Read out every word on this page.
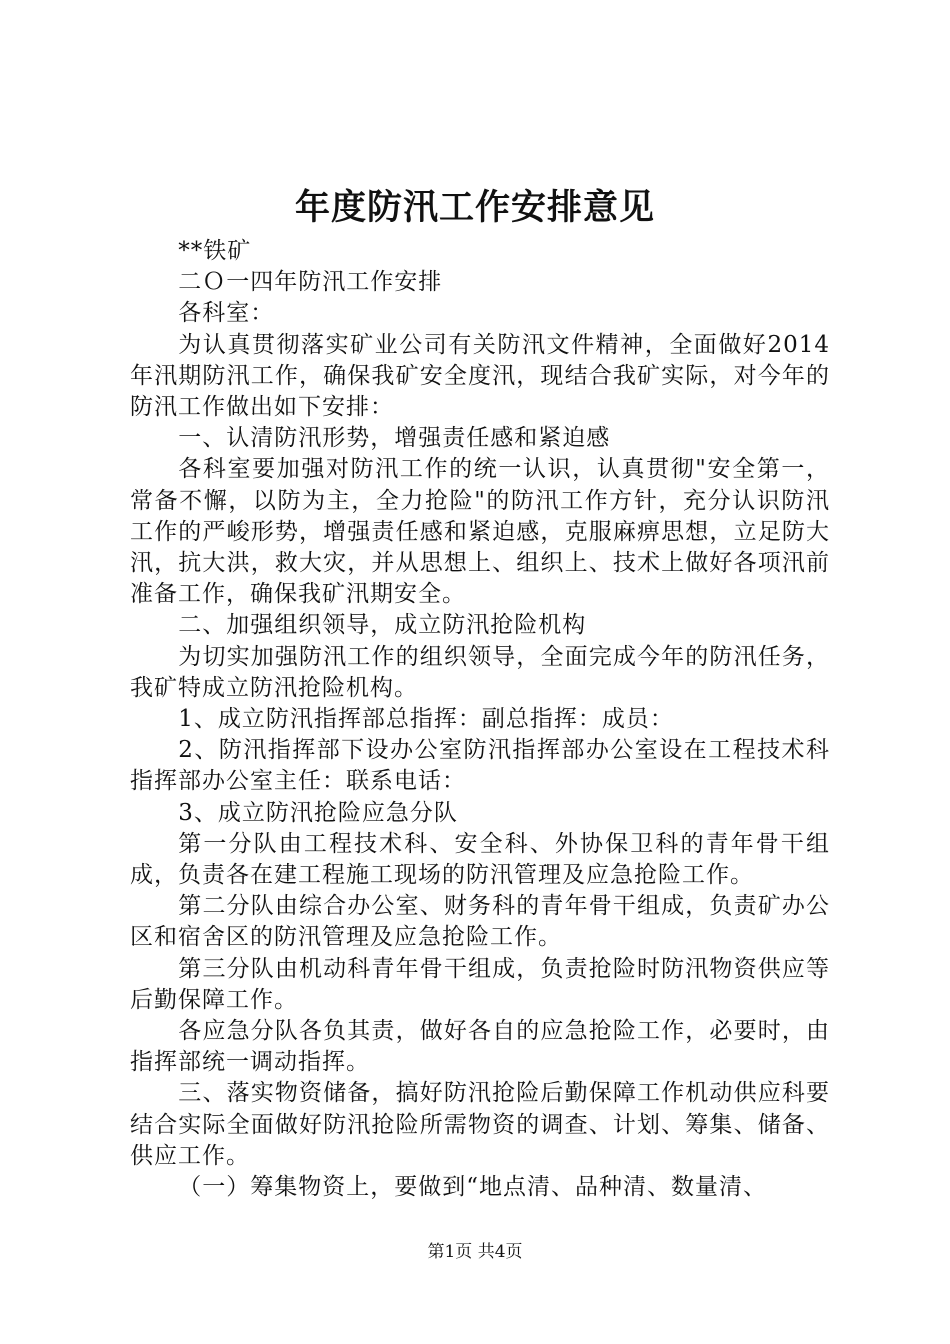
年度防汛工作安排意见

**铁矿

二Ｏ一四年防汛工作安排

各科室：

为认真贯彻落实矿业公司有关防汛文件精神，全面做好2014年汛期防汛工作，确保我矿安全度汛，现结合我矿实际，对今年的防汛工作做出如下安排：

一、认清防汛形势，增强责任感和紧迫感

各科室要加强对防汛工作的统一认识，认真贯彻"安全第一，常备不懈，以防为主，全力抢险"的防汛工作方针，充分认识防汛工作的严峻形势，增强责任感和紧迫感，克服麻痹思想，立足防大汛，抗大洪，救大灾，并从思想上、组织上、技术上做好各项汛前准备工作，确保我矿汛期安全。

二、加强组织领导，成立防汛抢险机构

为切实加强防汛工作的组织领导，全面完成今年的防汛任务，我矿特成立防汛抢险机构。

1、成立防汛指挥部总指挥：副总指挥：成员：

2、防汛指挥部下设办公室防汛指挥部办公室设在工程技术科指挥部办公室主任：联系电话：

3、成立防汛抢险应急分队

第一分队由工程技术科、安全科、外协保卫科的青年骨干组成，负责各在建工程施工现场的防汛管理及应急抢险工作。

第二分队由综合办公室、财务科的青年骨干组成，负责矿办公区和宿舍区的防汛管理及应急抢险工作。

第三分队由机动科青年骨干组成，负责抢险时防汛物资供应等后勤保障工作。

各应急分队各负其责，做好各自的应急抢险工作，必要时，由指挥部统一调动指挥。

三、落实物资储备，搞好防汛抢险后勤保障工作机动供应科要结合实际全面做好防汛抢险所需物资的调查、计划、筹集、储备、供应工作。

（一）筹集物资上，要做到“地点清、品种清、数量清、

第1页 共4页
